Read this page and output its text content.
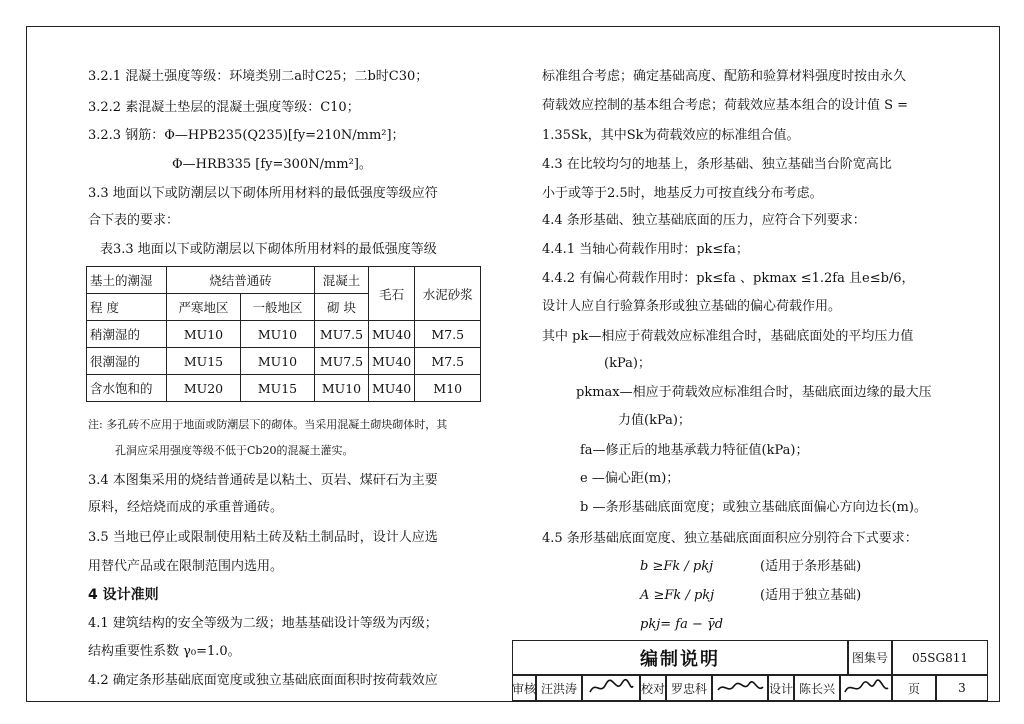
3.2.1 混凝土强度等级：环境类别二a时C25；二b时C30；
3.2.2 素混凝土垫层的混凝土强度等级：C10；
3.2.3 钢筋：Φ—HPB235(Q235)[fy=210N/mm²]；
Φ—HRB335 [fy=300N/mm²]。
3.3 地面以下或防潮层以下砌体所用材料的最低强度等级应符
合下表的要求：
表3.3 地面以下或防潮层以下砌体所用材料的最低强度等级
基土的潮湿	烧结普通砖		混凝土	毛石	水泥砂浆
程 度	严寒地区	一般地区	砌 块		
稍潮湿的	MU10	MU10	MU7.5	MU40	M7.5
很潮湿的	MU15	MU10	MU7.5	MU40	M7.5
含水饱和的	MU20	MU15	MU10	MU40	M10
注: 多孔砖不应用于地面或防潮层下的砌体。当采用混凝土砌块砌体时，其
孔洞应采用强度等级不低于Cb20的混凝土灌实。
3.4 本图集采用的烧结普通砖是以粘土、页岩、煤矸石为主要
原料，经焙烧而成的承重普通砖。
3.5 当地已停止或限制使用粘土砖及粘土制品时，设计人应选
用替代产品或在限制范围内选用。
4 设计准则
4.1 建筑结构的安全等级为二级；地基基础设计等级为丙级；
结构重要性系数 γ₀=1.0。
4.2 确定条形基础底面宽度或独立基础底面面积时按荷载效应
标准组合考虑；确定基础高度、配筋和验算材料强度时按由永久
荷载效应控制的基本组合考虑；荷载效应基本组合的设计值 S =
1.35Sk，其中Sk为荷载效应的标准组合值。
4.3 在比较均匀的地基上，条形基础、独立基础当台阶宽高比
小于或等于2.5时，地基反力可按直线分布考虑。
4.4 条形基础、独立基础底面的压力，应符合下列要求：
4.4.1 当轴心荷载作用时：pk≤fa；
4.4.2 有偏心荷载作用时：pk≤fa 、pkmax ≤1.2fa 且e≤b/6，
设计人应自行验算条形或独立基础的偏心荷载作用。
其中 pk—相应于荷载效应标准组合时，基础底面处的平均压力值
(kPa)；
pkmax—相应于荷载效应标准组合时，基础底面边缘的最大压
力值(kPa)；
fa—修正后的地基承载力特征值(kPa)；
e —偏心距(m)；
b —条形基础底面宽度；或独立基础底面偏心方向边长(m)。
4.5 条形基础底面宽度、独立基础底面面积应分别符合下式要求：
b ≥Fk / pkj	(适用于条形基础)
A ≥Fk / pkj	(适用于独立基础)
pkj= fa − γ̄d
编制说明	图集号	05SG811
审核 汪洪涛	校对 罗忠科	设计 陈长兴	页	3
